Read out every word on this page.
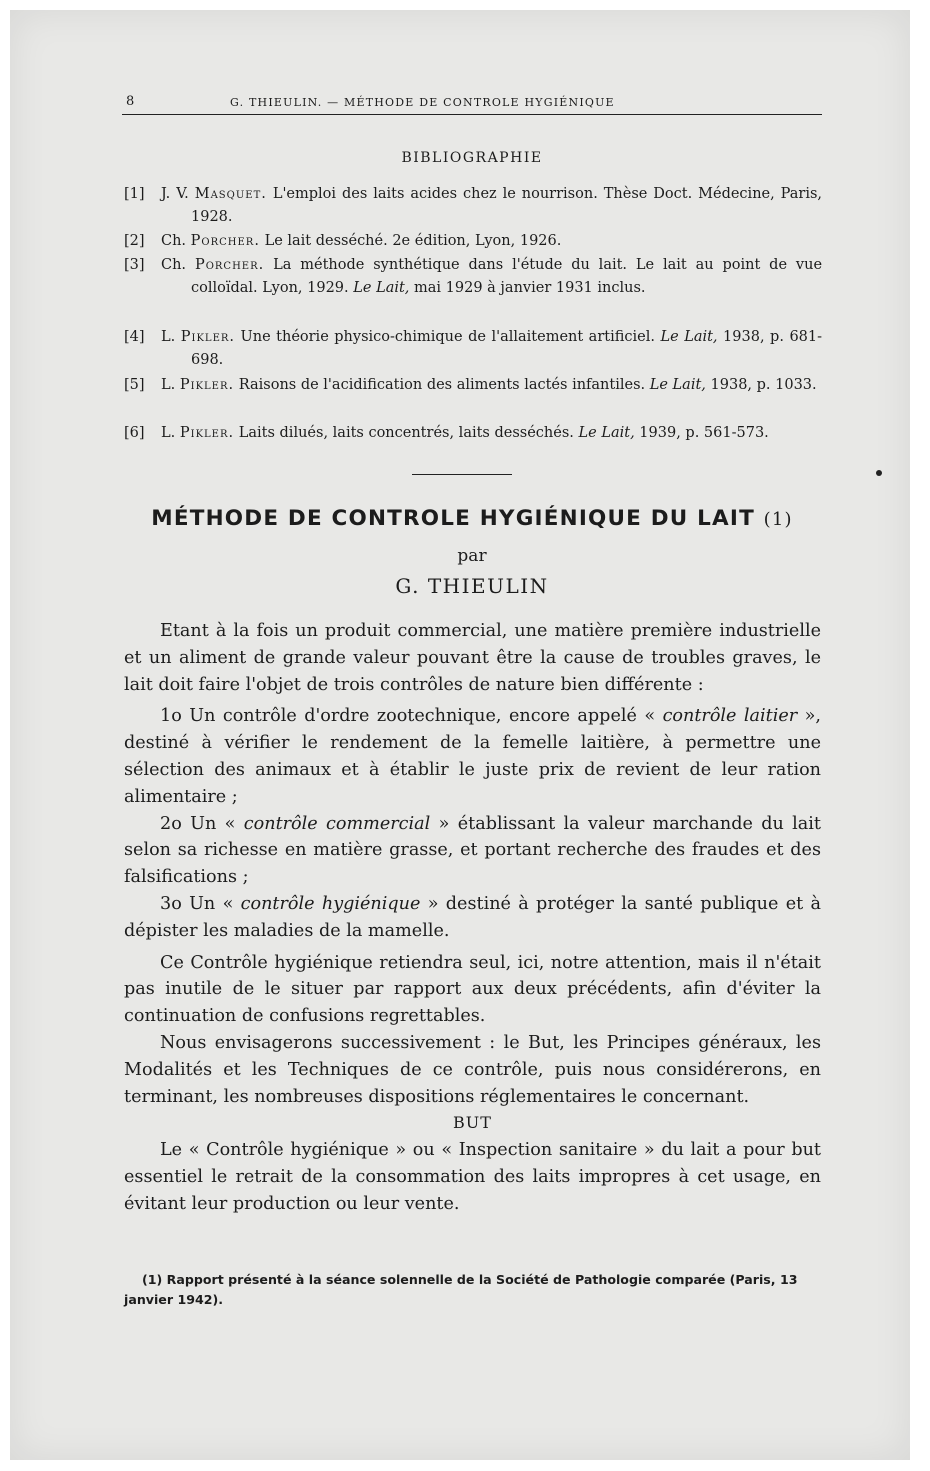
8	G. THIEULIN. — MÉTHODE DE CONTROLE HYGIÉNIQUE
BIBLIOGRAPHIE
[1]	J. V. Masquet. L'emploi des laits acides chez le nourrison. Thèse Doct. Médecine, Paris, 1928.
[2]	Ch. Porcher. Le lait desséché. 2e édition, Lyon, 1926.
[3]	Ch. Porcher. La méthode synthétique dans l'étude du lait. Le lait au point de vue colloïdal. Lyon, 1929. Le Lait, mai 1929 à janvier 1931 inclus.
[4]	L. Pikler. Une théorie physico-chimique de l'allaitement artificiel. Le Lait, 1938, p. 681-698.
[5]	L. Pikler. Raisons de l'acidification des aliments lactés infantiles. Le Lait, 1938, p. 1033.
[6]	L. Pikler. Laits dilués, laits concentrés, laits desséchés. Le Lait, 1939, p. 561-573.
MÉTHODE DE CONTROLE HYGIÉNIQUE DU LAIT (1)
par
G. THIEULIN

Etant à la fois un produit commercial, une matière première industrielle et un aliment de grande valeur pouvant être la cause de troubles graves, le lait doit faire l'objet de trois contrôles de nature bien différente :

1o Un contrôle d'ordre zootechnique, encore appelé « contrôle laitier », destiné à vérifier le rendement de la femelle laitière, à permettre une sélection des animaux et à établir le juste prix de revient de leur ration alimentaire ;

2o Un « contrôle commercial » établissant la valeur marchande du lait selon sa richesse en matière grasse, et portant recherche des fraudes et des falsifications ;

3o Un « contrôle hygiénique » destiné à protéger la santé publique et à dépister les maladies de la mamelle.

Ce Contrôle hygiénique retiendra seul, ici, notre attention, mais il n'était pas inutile de le situer par rapport aux deux précédents, afin d'éviter la continuation de confusions regrettables.

Nous envisagerons successivement : le But, les Principes généraux, les Modalités et les Techniques de ce contrôle, puis nous considérerons, en terminant, les nombreuses dispositions réglementaires le concernant.

BUT

Le « Contrôle hygiénique » ou « Inspection sanitaire » du lait a pour but essentiel le retrait de la consommation des laits impropres à cet usage, en évitant leur production ou leur vente.

(1) Rapport présenté à la séance solennelle de la Société de Pathologie comparée (Paris, 13 janvier 1942).
